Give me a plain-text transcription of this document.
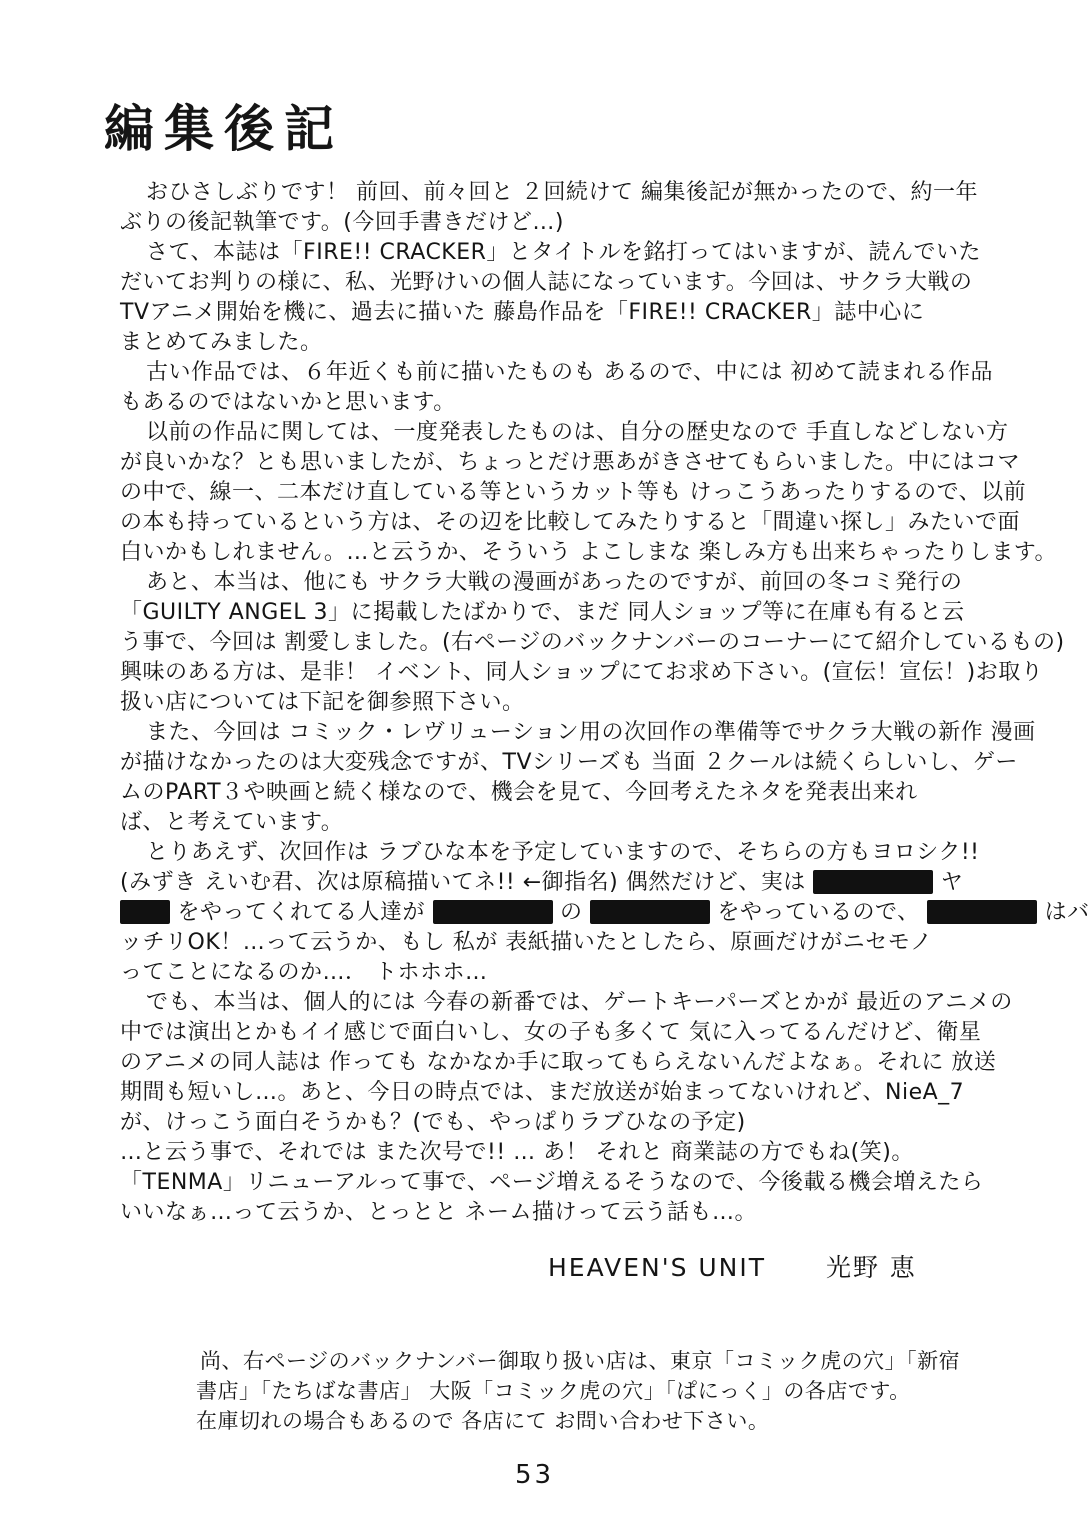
編集後記
おひさしぶりです！ 前回、前々回と ２回続けて 編集後記が無かったので、約一年
ぶりの後記執筆です。(今回手書きだけど…)
さて、本誌は「FIRE!! CRACKER」とタイトルを銘打ってはいますが、読んでいた
だいてお判りの様に、私、光野けいの個人誌になっています。今回は、サクラ大戦の
TVアニメ開始を機に、過去に描いた 藤島作品を「FIRE!! CRACKER」誌中心に
まとめてみました。
古い作品では、６年近くも前に描いたものも あるので、中には 初めて読まれる作品
もあるのではないかと思います。
以前の作品に関しては、一度発表したものは、自分の歴史なので 手直しなどしない方
が良いかな？とも思いましたが、ちょっとだけ悪あがきさせてもらいました。中にはコマ
の中で、線一、二本だけ直している等というカット等も けっこうあったりするので、以前
の本も持っているという方は、その辺を比較してみたりすると「間違い探し」みたいで面
白いかもしれません。…と云うか、そういう よこしまな 楽しみ方も出来ちゃったりします。
あと、本当は、他にも サクラ大戦の漫画があったのですが、前回の冬コミ発行の
「GUILTY ANGEL 3」に掲載したばかりで、まだ 同人ショップ等に在庫も有ると云
う事で、今回は 割愛しました。(右ページのバックナンバーのコーナーにて紹介しているもの)
興味のある方は、是非！ イベント、同人ショップにてお求め下さい。(宣伝！宣伝！)お取り
扱い店については下記を御参照下さい。
また、今回は コミック・レヴリューション用の次回作の準備等でサクラ大戦の新作 漫画
が描けなかったのは大変残念ですが、TVシリーズも 当面 ２クールは続くらしいし、ゲー
ムのPART３や映画と続く様なので、機会を見て、今回考えたネタを発表出来れ
ば、と考えています。
とりあえず、次回作は ラブひな本を予定していますので、そちらの方もヨロシク!!
(みずき えいむ君、次は原稿描いてネ!! ←御指名) 偶然だけど、実は	ヤ
をやってくれてる人達が	の	をやっているので、	はバ
ッチリOK！…って云うか、もし 私が 表紙描いたとしたら、原画だけがニセモノ
ってことになるのか…． トホホホ…
でも、本当は、個人的には 今春の新番では、ゲートキーパーズとかが 最近のアニメの
中では演出とかもイイ感じで面白いし、女の子も多くて 気に入ってるんだけど、衛星
のアニメの同人誌は 作っても なかなか手に取ってもらえないんだよなぁ。それに 放送
期間も短いし…。あと、今日の時点では、まだ放送が始まってないけれど、NieA_7
が、けっこう面白そうかも？(でも、やっぱりラブひなの予定)
…と云う事で、それでは また次号で!! … あ！ それと 商業誌の方でもね(笑)。
「TENMA」リニューアルって事で、ページ増えるそうなので、今後載る機会増えたら
いいなぁ…って云うか、とっとと ネーム描けって云う話も…。
HEAVEN'S UNIT 光野 恵
尚、右ページのバックナンバー御取り扱い店は、東京「コミック虎の穴」「新宿
書店」「たちばな書店」 大阪「コミック虎の穴」「ぱにっく」の各店です。
在庫切れの場合もあるので 各店にて お問い合わせ下さい。
53
